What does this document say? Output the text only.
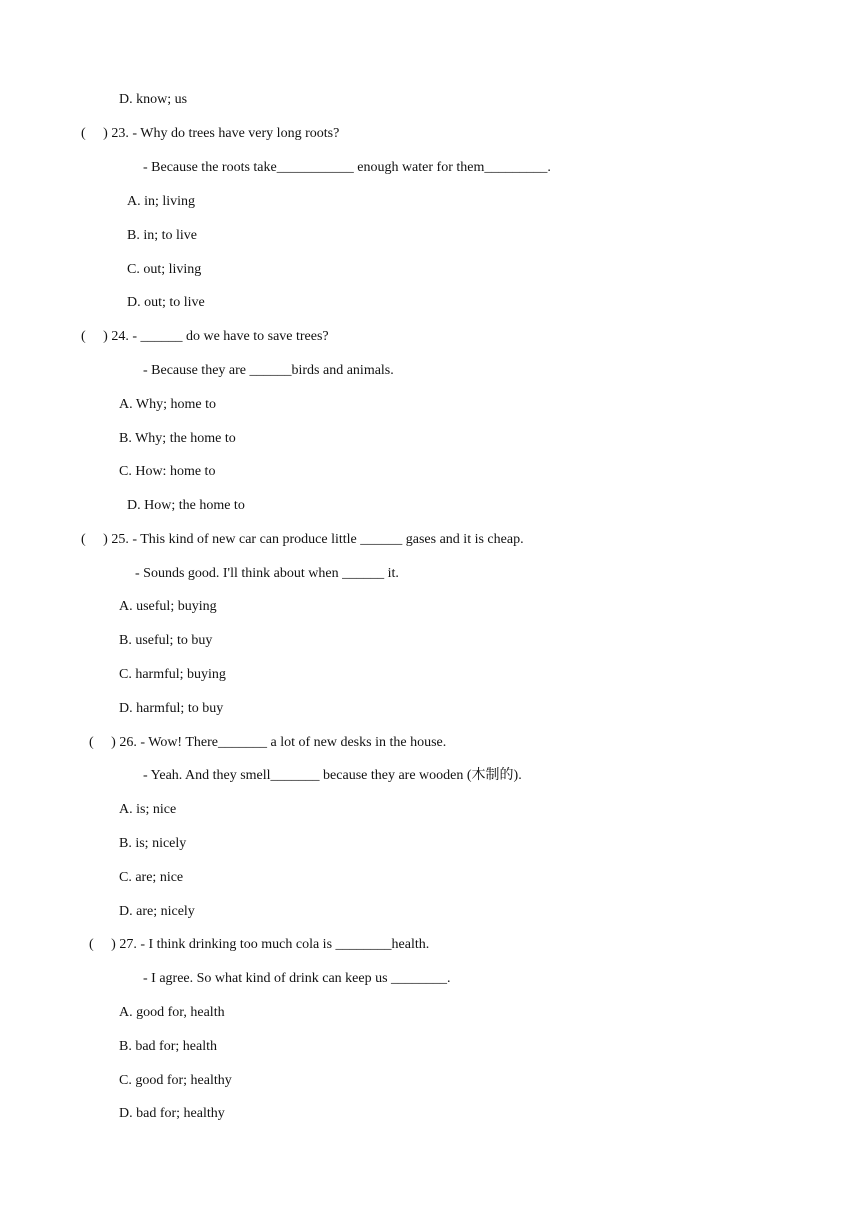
D. know; us
(     ) 23. - Why do trees have very long roots?
- Because the roots take___________ enough water for them_________.
A. in; living
B. in; to live
C. out; living
D. out; to live
(     ) 24. - ______ do we have to save trees?
- Because they are ______birds and animals.
A. Why; home to
B. Why; the home to
C. How: home to
D. How; the home to
(     ) 25. - This kind of new car can produce little ______ gases and it is cheap.
- Sounds good. I'll think about when ______ it.
A. useful; buying
B. useful; to buy
C. harmful; buying
D. harmful; to buy
(     ) 26. - Wow! There_______ a lot of new desks in the house.
- Yeah. And they smell_______ because they are wooden (木制的).
A. is; nice
B. is; nicely
C. are; nice
D. are; nicely
(     ) 27. - I think drinking too much cola is ________health.
- I agree. So what kind of drink can keep us ________.
A. good for, health
B. bad for; health
C. good for; healthy
D. bad for; healthy
